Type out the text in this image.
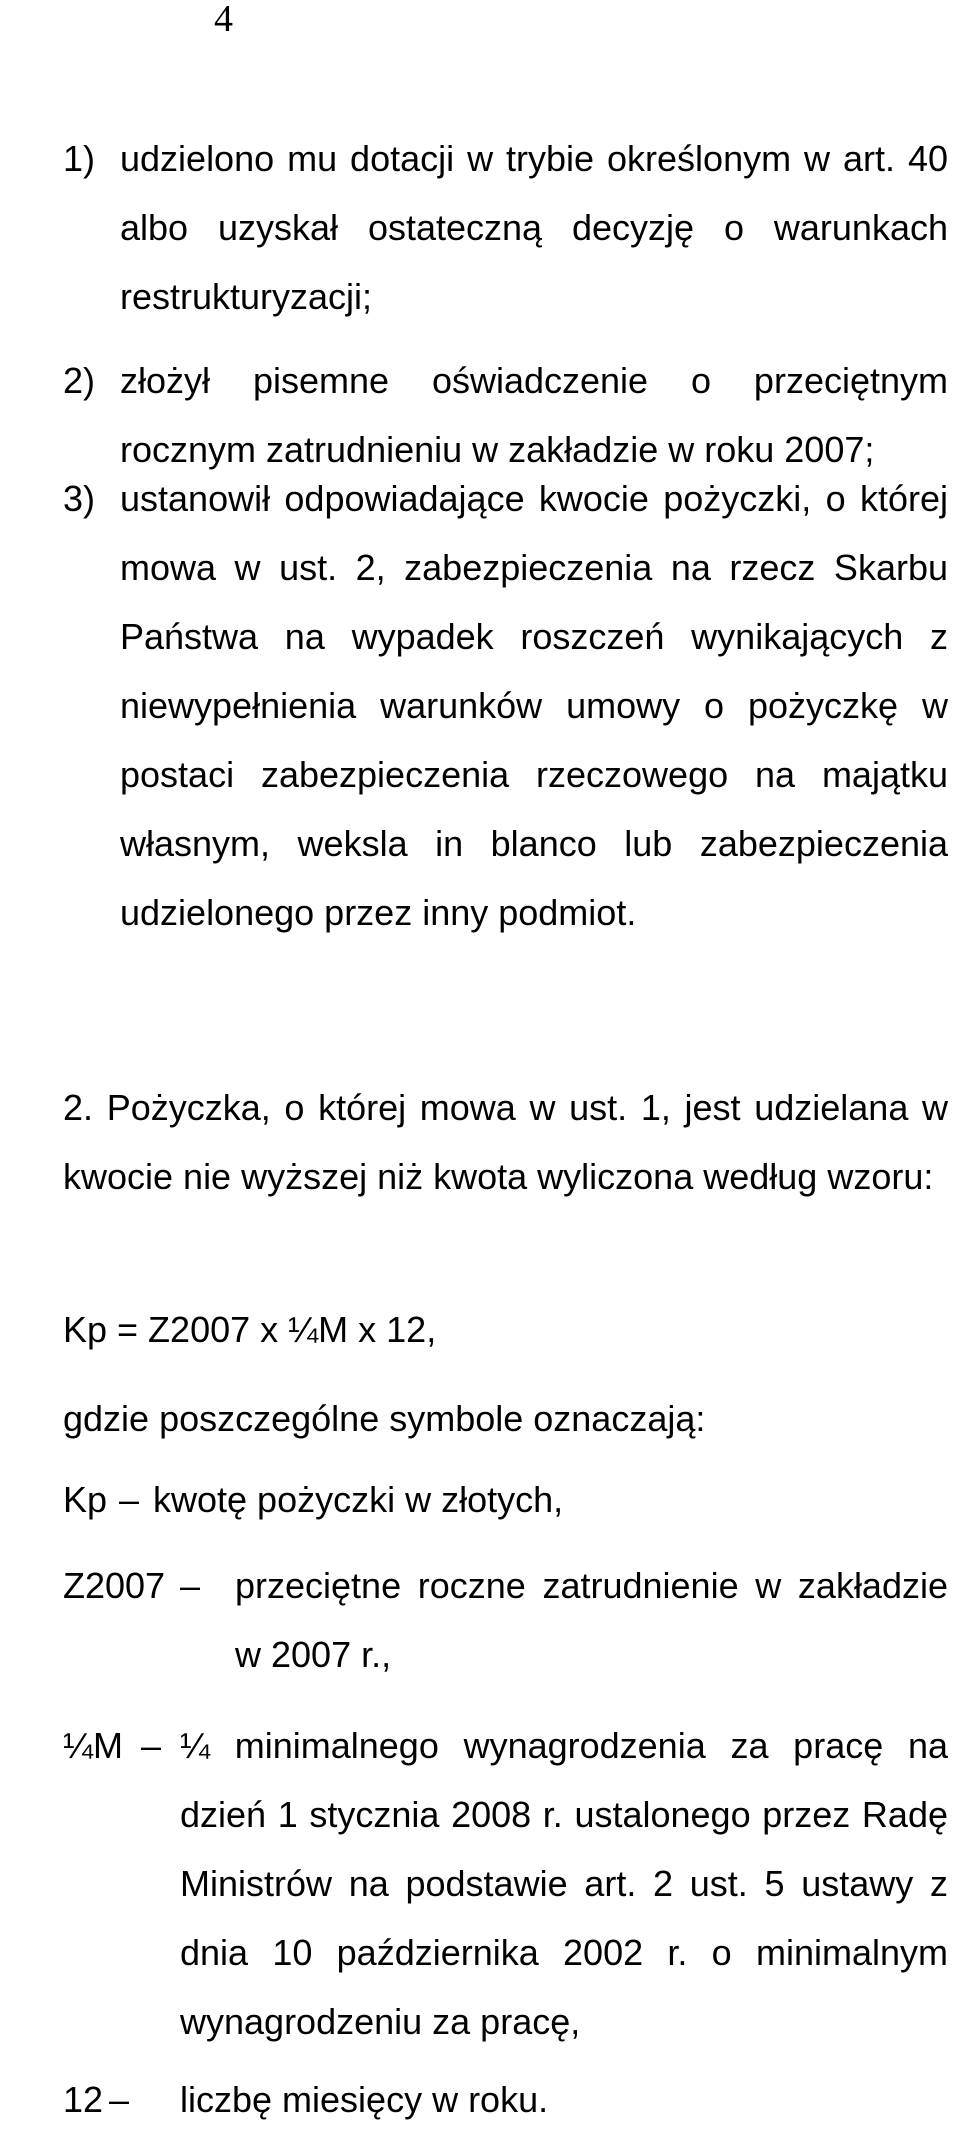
4
1) udzielono mu dotacji w trybie określonym w art. 40 albo uzyskał ostateczną decyzję o warunkach restrukturyzacji;
2) złożył pisemne oświadczenie o przeciętnym rocznym zatrudnieniu w zakładzie w roku 2007;
3) ustanowił odpowiadające kwocie pożyczki, o której mowa w ust. 2, zabezpieczenia na rzecz Skarbu Państwa na wypadek roszczeń wynikających z niewypełnienia warunków umowy o pożyczkę w postaci zabezpieczenia rzeczowego na majątku własnym, weksla in blanco lub zabezpieczenia udzielonego przez inny podmiot.

2. Pożyczka, o której mowa w ust. 1, jest udzielana w kwocie nie wyższej niż kwota wyliczona według wzoru:

Kp = Z2007 x ¼M x 12,

gdzie poszczególne symbole oznaczają:

Kp – kwotę pożyczki w złotych,
Z2007 – przeciętne roczne zatrudnienie w zakładzie w 2007 r.,
¼M – ¼ minimalnego wynagrodzenia za pracę na dzień 1 stycznia 2008 r. ustalonego przez Radę Ministrów na podstawie art. 2 ust. 5 ustawy z dnia 10 października 2002 r. o minimalnym wynagrodzeniu za pracę,
12 – liczbę miesięcy w roku.
